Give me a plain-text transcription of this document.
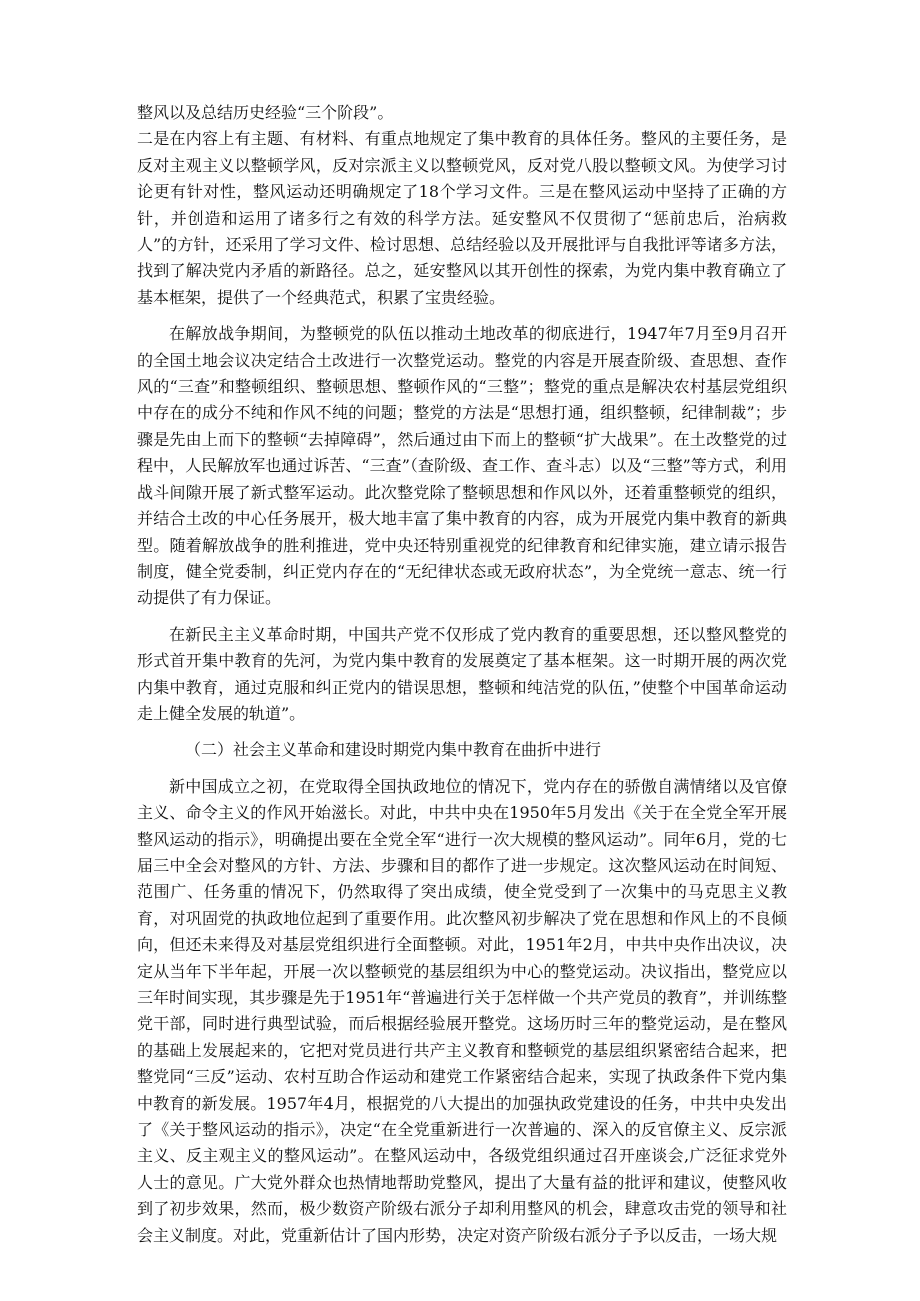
整风以及总结历史经验“三个阶段”。

二是在内容上有主题、有材料、有重点地规定了集中教育的具体任务。整风的主要任务，是反对主观主义以整顿学风，反对宗派主义以整顿党风，反对党八股以整顿文风。为使学习讨论更有针对性，整风运动还明确规定了18个学习文件。三是在整风运动中坚持了正确的方针，并创造和运用了诸多行之有效的科学方法。延安整风不仅贯彻了“惩前忠后，治病救人”的方针，还采用了学习文件、检讨思想、总结经验以及开展批评与自我批评等诸多方法，找到了解决党内矛盾的新路径。总之，延安整风以其开创性的探索，为党内集中教育确立了基本框架，提供了一个经典范式，积累了宝贵经验。

在解放战争期间，为整顿党的队伍以推动土地改革的彻底进行，1947年7月至9月召开的全国土地会议决定结合土改进行一次整党运动。整党的内容是开展查阶级、查思想、查作风的“三查”和整顿组织、整顿思想、整顿作风的“三整”；整党的重点是解决农村基层党组织中存在的成分不纯和作风不纯的问题；整党的方法是“思想打通，组织整顿，纪律制裁”；步骤是先由上而下的整顿“去掉障碍”，然后通过由下而上的整顿“扩大战果”。在土改整党的过程中，人民解放军也通过诉苦、“三查”（查阶级、查工作、查斗志）以及“三整”等方式，利用战斗间隙开展了新式整军运动。此次整党除了整顿思想和作风以外，还着重整顿党的组织，并结合土改的中心任务展开，极大地丰富了集中教育的内容，成为开展党内集中教育的新典型。随着解放战争的胜利推进，党中央还特别重视党的纪律教育和纪律实施，建立请示报告制度，健全党委制，纠正党内存在的“无纪律状态或无政府状态”，为全党统一意志、统一行动提供了有力保证。

在新民主主义革命时期，中国共产党不仅形成了党内教育的重要思想，还以整风整党的形式首开集中教育的先河，为党内集中教育的发展奠定了基本框架。这一时期开展的两次党内集中教育，通过克服和纠正党内的错误思想，整顿和纯洁党的队伍，”使整个中国革命运动走上健全发展的轨道”。

（二）社会主义革命和建设时期党内集中教育在曲折中进行

新中国成立之初，在党取得全国执政地位的情况下，党内存在的骄傲自满情绪以及官僚主义、命令主义的作风开始滋长。对此，中共中央在1950年5月发出《关于在全党全军开展整风运动的指示》，明确提出要在全党全军“进行一次大规模的整风运动”。同年6月，党的七届三中全会对整风的方针、方法、步骤和目的都作了进一步规定。这次整风运动在时间短、范围广、任务重的情况下，仍然取得了突出成绩，使全党受到了一次集中的马克思主义教育，对巩固党的执政地位起到了重要作用。此次整风初步解决了党在思想和作风上的不良倾向，但还未来得及对基层党组织进行全面整顿。对此，1951年2月，中共中央作出决议，决定从当年下半年起，开展一次以整顿党的基层组织为中心的整党运动。决议指出，整党应以三年时间实现，其步骤是先于1951年“普遍进行关于怎样做一个共产党员的教育”，并训练整党干部，同时进行典型试验，而后根据经验展开整党。这场历时三年的整党运动，是在整风的基础上发展起来的，它把对党员进行共产主义教育和整顿党的基层组织紧密结合起来，把整党同“三反”运动、农村互助合作运动和建党工作紧密结合起来，实现了执政条件下党内集中教育的新发展。1957年4月，根据党的八大提出的加强执政党建设的任务，中共中央发出了《关于整风运动的指示》，决定“在全党重新进行一次普遍的、深入的反官僚主义、反宗派主义、反主观主义的整风运动”。在整风运动中，各级党组织通过召开座谈会,广泛征求党外人士的意见。广大党外群众也热情地帮助党整风，提出了大量有益的批评和建议，使整风收到了初步效果，然而，极少数资产阶级右派分子却利用整风的机会，肆意攻击党的领导和社会主义制度。对此，党重新估计了国内形势，决定对资产阶级右派分子予以反击，一场大规
